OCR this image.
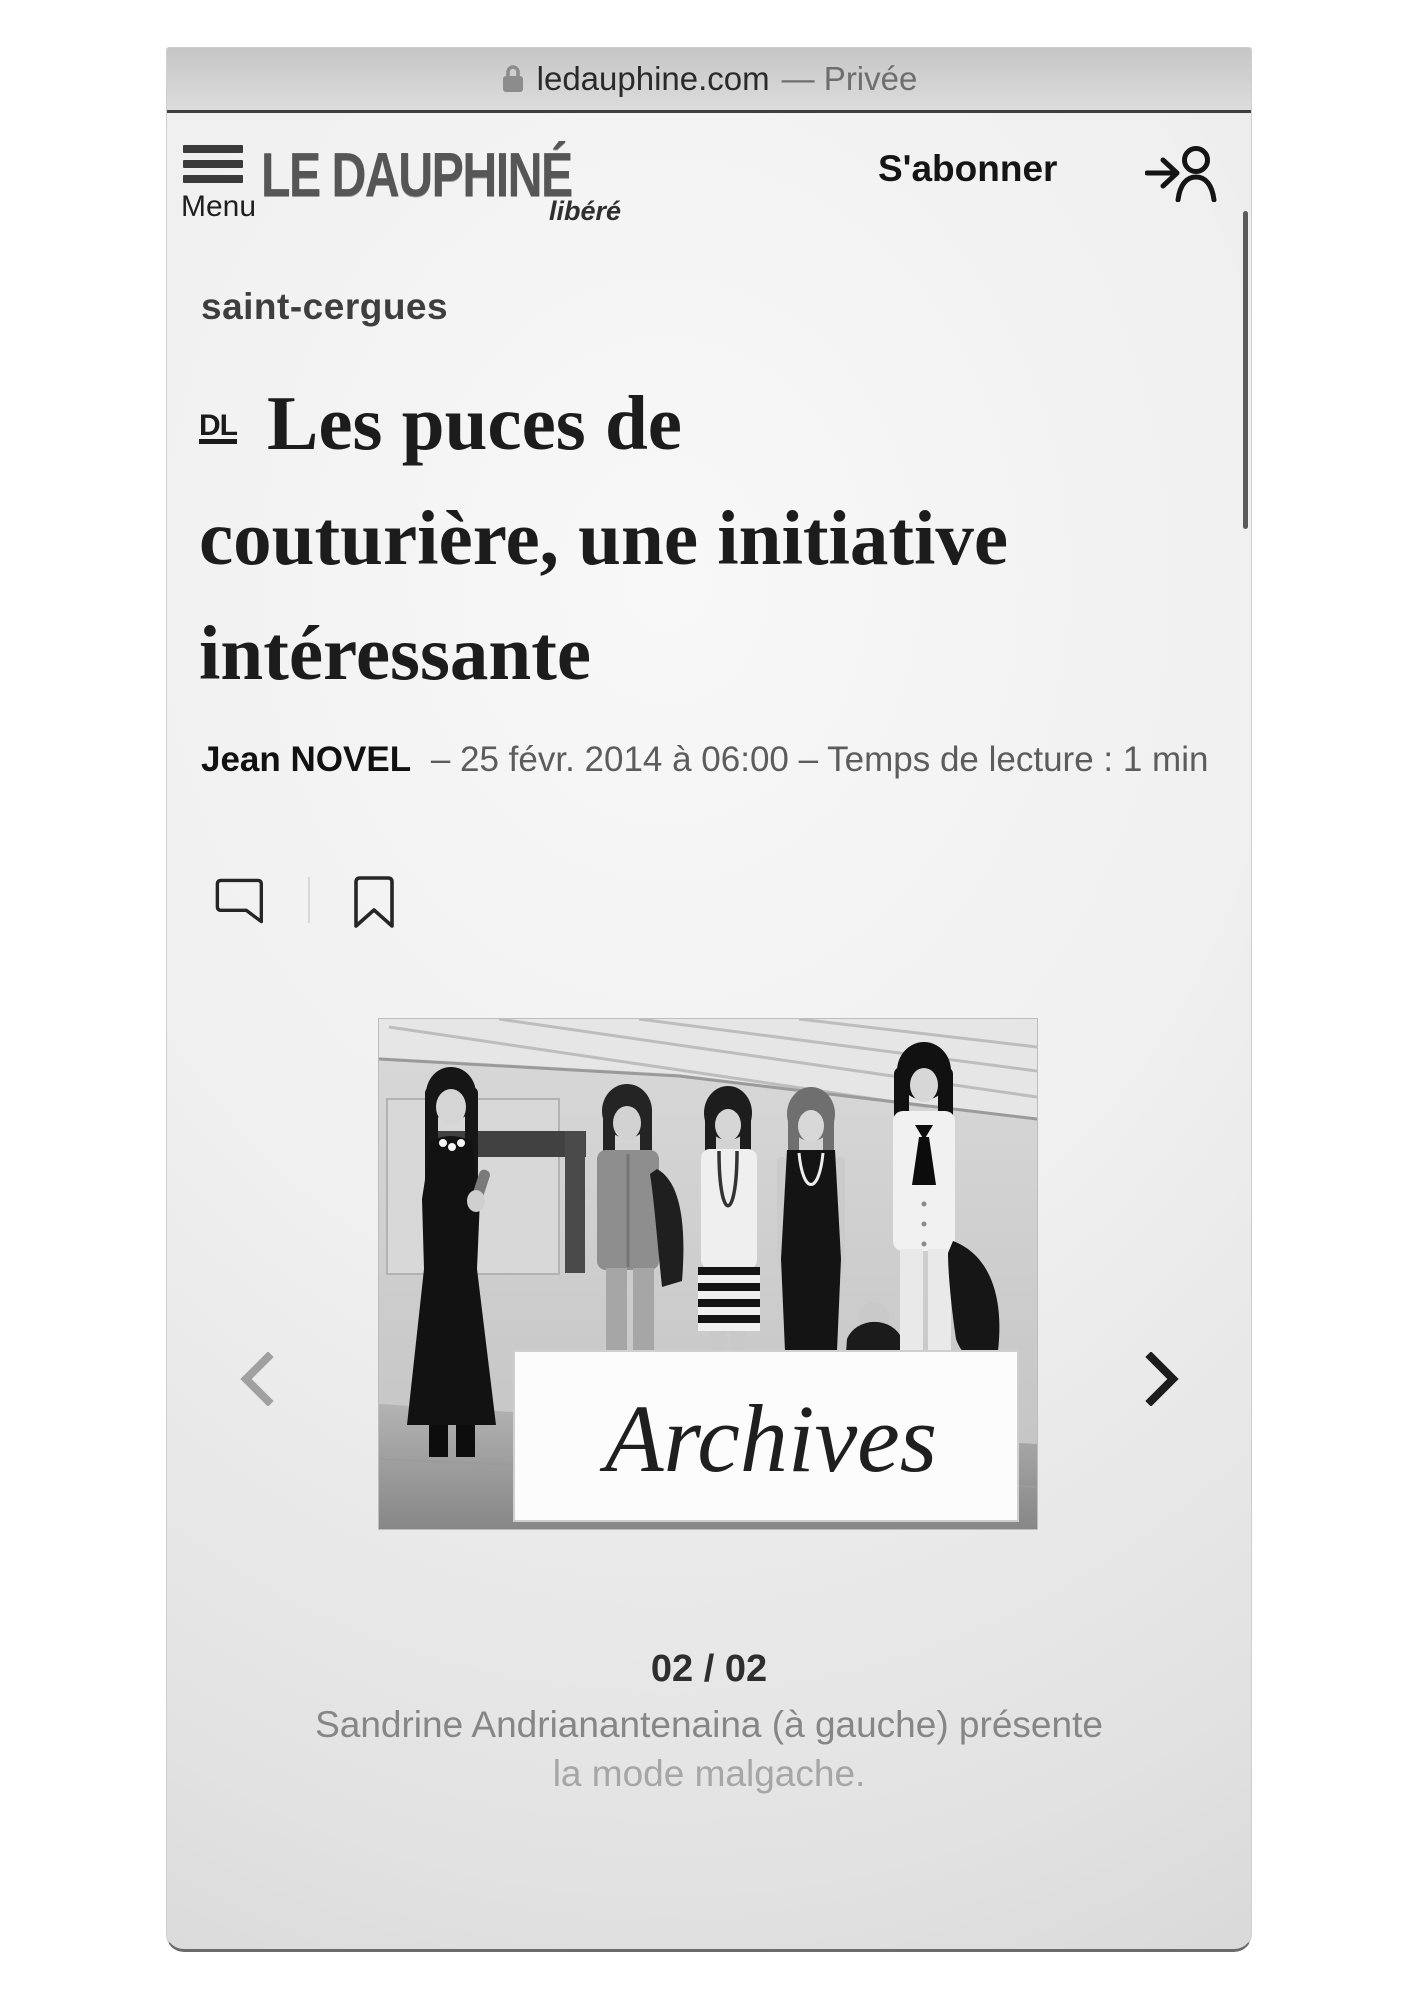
ledauphine.com — Privée
Menu LE DAUPHINÉ
libéré
S'abonner
saint-cergues
DL Les puces de
couturière, une initiative
intéressante
Jean NOVEL – 25 févr. 2014 à 06:00 – Temps de lecture : 1 min
Archives
02 / 02
Sandrine Andrianantenaina (à gauche) présente
la mode malgache.
